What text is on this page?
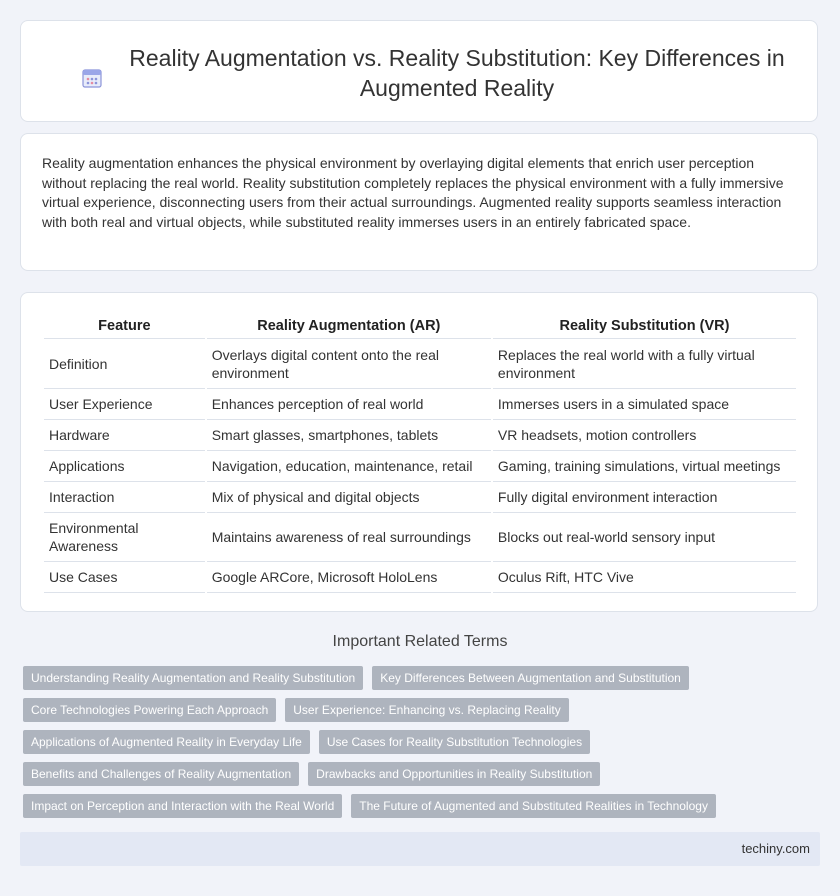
Reality Augmentation vs. Reality Substitution: Key Differences in Augmented Reality
Reality augmentation enhances the physical environment by overlaying digital elements that enrich user perception without replacing the real world. Reality substitution completely replaces the physical environment with a fully immersive virtual experience, disconnecting users from their actual surroundings. Augmented reality supports seamless interaction with both real and virtual objects, while substituted reality immerses users in an entirely fabricated space.
Feature	Reality Augmentation (AR)	Reality Substitution (VR)
Definition	Overlays digital content onto the real environment	Replaces the real world with a fully virtual environment
User Experience	Enhances perception of real world	Immerses users in a simulated space
Hardware	Smart glasses, smartphones, tablets	VR headsets, motion controllers
Applications	Navigation, education, maintenance, retail	Gaming, training simulations, virtual meetings
Interaction	Mix of physical and digital objects	Fully digital environment interaction
Environmental Awareness	Maintains awareness of real surroundings	Blocks out real-world sensory input
Use Cases	Google ARCore, Microsoft HoloLens	Oculus Rift, HTC Vive
Important Related Terms
Understanding Reality Augmentation and Reality Substitution	Key Differences Between Augmentation and Substitution
Core Technologies Powering Each Approach	User Experience: Enhancing vs. Replacing Reality
Applications of Augmented Reality in Everyday Life	Use Cases for Reality Substitution Technologies
Benefits and Challenges of Reality Augmentation	Drawbacks and Opportunities in Reality Substitution
Impact on Perception and Interaction with the Real World	The Future of Augmented and Substituted Realities in Technology
techiny.com
